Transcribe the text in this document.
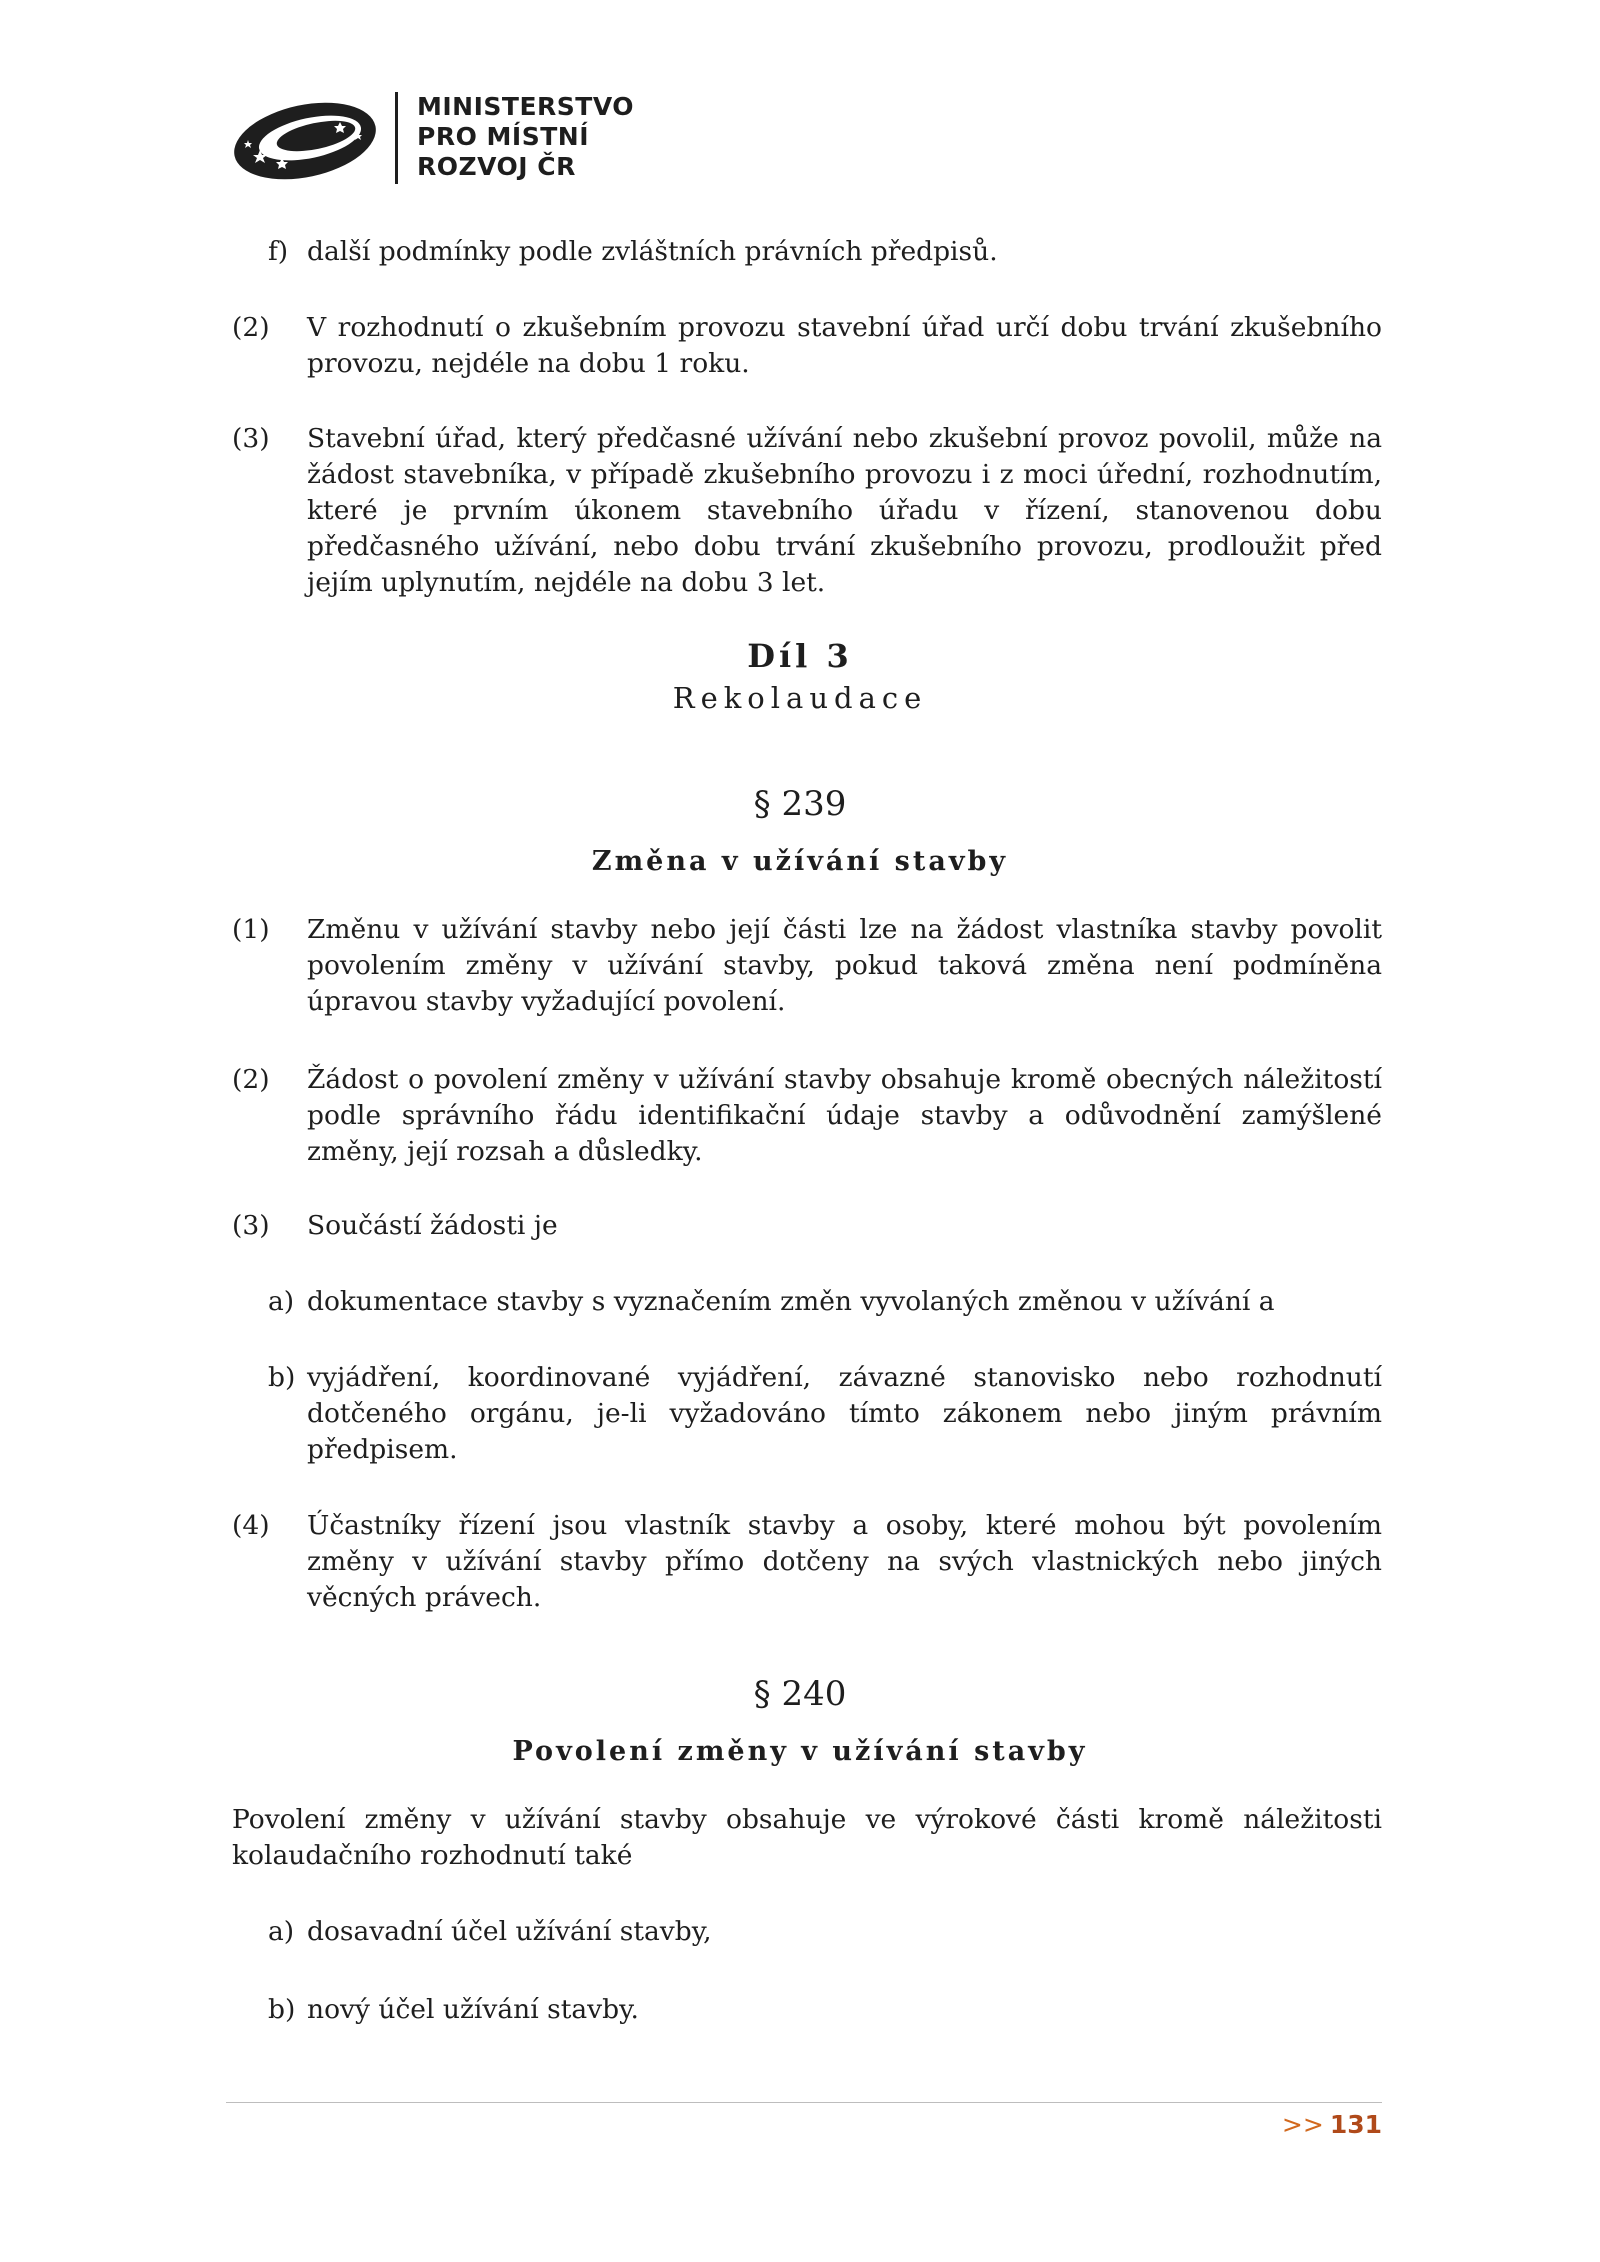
MINISTERSTVO
PRO MÍSTNÍ
ROZVOJ ČR
f) další podmínky podle zvláštních právních předpisů.
(2) V rozhodnutí o zkušebním provozu stavební úřad určí dobu trvání zkušebního provozu, nejdéle na dobu 1 roku.
(3) Stavební úřad, který předčasné užívání nebo zkušební provoz povolil, může na žádost stavebníka, v případě zkušebního provozu i z moci úřední, rozhodnutím, které je prvním úkonem stavebního úřadu v řízení, stanovenou dobu předčasného užívání, nebo dobu trvání zkušebního provozu, prodloužit před jejím uplynutím, nejdéle na dobu 3 let.
Díl 3
Rekolaudace
§ 239
Změna v užívání stavby
(1) Změnu v užívání stavby nebo její části lze na žádost vlastníka stavby povolit povolením změny v užívání stavby, pokud taková změna není podmíněna úpravou stavby vyžadující povolení.
(2) Žádost o povolení změny v užívání stavby obsahuje kromě obecných náležitostí podle správního řádu identifikační údaje stavby a odůvodnění zamýšlené změny, její rozsah a důsledky.
(3) Součástí žádosti je
a) dokumentace stavby s vyznačením změn vyvolaných změnou v užívání a
b) vyjádření, koordinované vyjádření, závazné stanovisko nebo rozhodnutí dotčeného orgánu, je-li vyžadováno tímto zákonem nebo jiným právním předpisem.
(4) Účastníky řízení jsou vlastník stavby a osoby, které mohou být povolením změny v užívání stavby přímo dotčeny na svých vlastnických nebo jiných věcných právech.
§ 240
Povolení změny v užívání stavby
Povolení změny v užívání stavby obsahuje ve výrokové části kromě náležitosti kolaudačního rozhodnutí také
a) dosavadní účel užívání stavby,
b) nový účel užívání stavby.
>> 131
